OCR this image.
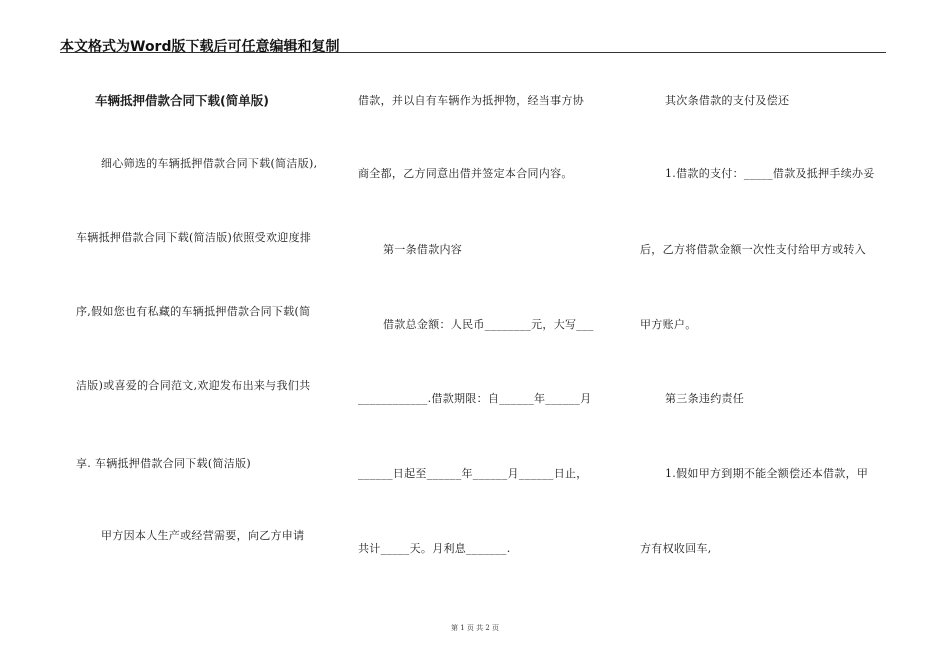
本文格式为Word版下载后可任意编辑和复制
车辆抵押借款合同下载(简单版)
细心筛选的车辆抵押借款合同下载(简洁版),
车辆抵押借款合同下载(简洁版)依照受欢迎度排
序,假如您也有私藏的车辆抵押借款合同下载(简
洁版)或喜爱的合同范文,欢迎发布出来与我们共
享. 车辆抵押借款合同下载(简洁版)
甲方因本人生产或经营需要，向乙方申请
借款，并以自有车辆作为抵押物，经当事方协
商全都，乙方同意出借并签定本合同内容。
第一条借款内容
借款总金额：人民币________元，大写___
____________.借款期限：自______年______月
______日起至______年______月______日止，
共计_____天。月利息_______.
其次条借款的支付及偿还
1.借款的支付：_____借款及抵押手续办妥
后，乙方将借款金额一次性支付给甲方或转入
甲方账户。
第三条违约责任
1.假如甲方到期不能全额偿还本借款，甲
方有权收回车,
第 1 页 共 2 页
